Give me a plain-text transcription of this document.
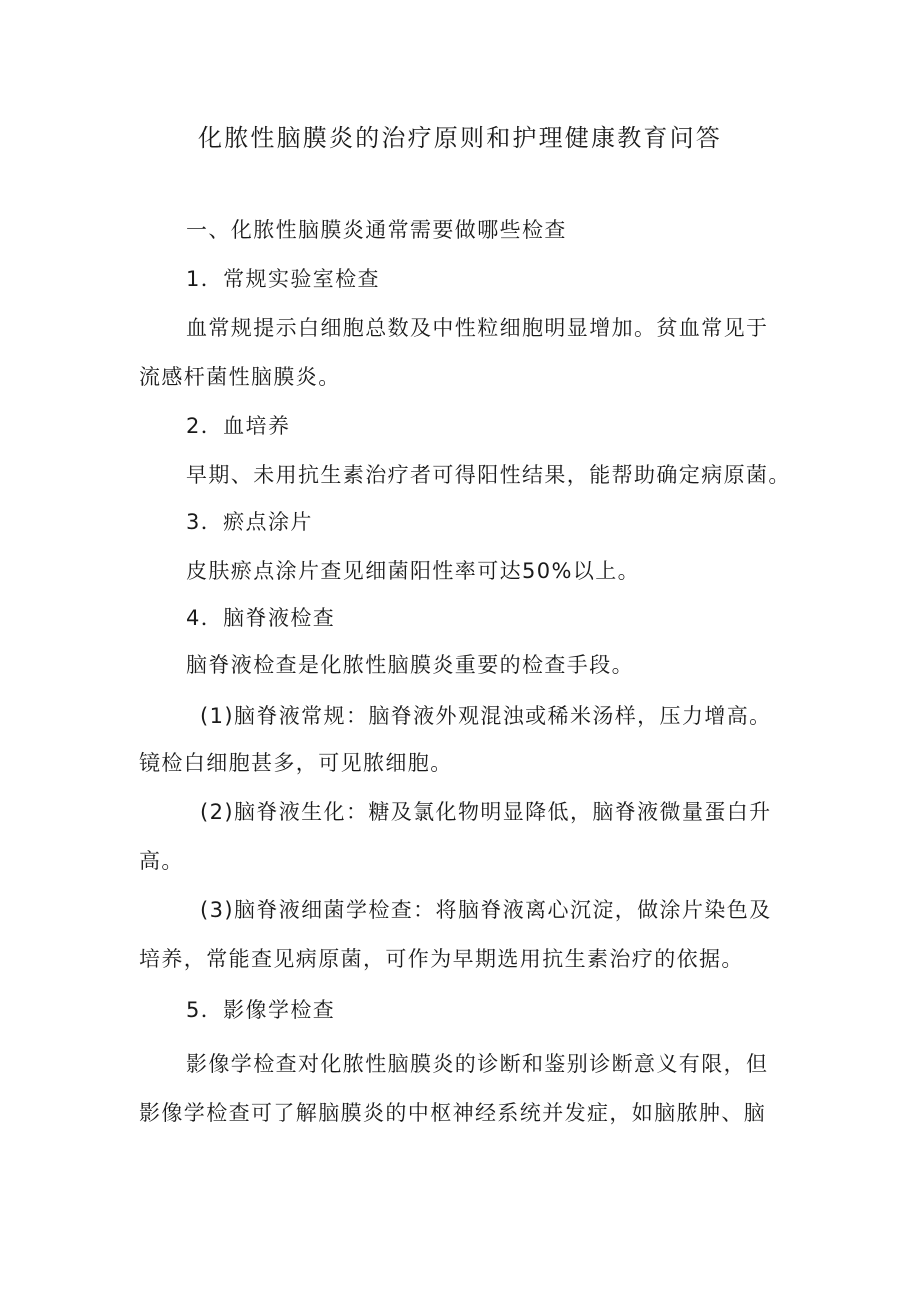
化脓性脑膜炎的治疗原则和护理健康教育问答
一、化脓性脑膜炎通常需要做哪些检查
1．常规实验室检查
血常规提示白细胞总数及中性粒细胞明显增加。贫血常见于
流感杆菌性脑膜炎。
2．血培养
早期、未用抗生素治疗者可得阳性结果，能帮助确定病原菌。
3．瘀点涂片
皮肤瘀点涂片查见细菌阳性率可达50%以上。
4．脑脊液检查
脑脊液检查是化脓性脑膜炎重要的检查手段。
(1)脑脊液常规：脑脊液外观混浊或稀米汤样，压力增高。
镜检白细胞甚多，可见脓细胞。
(2)脑脊液生化：糖及氯化物明显降低，脑脊液微量蛋白升
高。
(3)脑脊液细菌学检查：将脑脊液离心沉淀，做涂片染色及
培养，常能查见病原菌，可作为早期选用抗生素治疗的依据。
5．影像学检查
影像学检查对化脓性脑膜炎的诊断和鉴别诊断意义有限，但
影像学检查可了解脑膜炎的中枢神经系统并发症，如脑脓肿、脑
